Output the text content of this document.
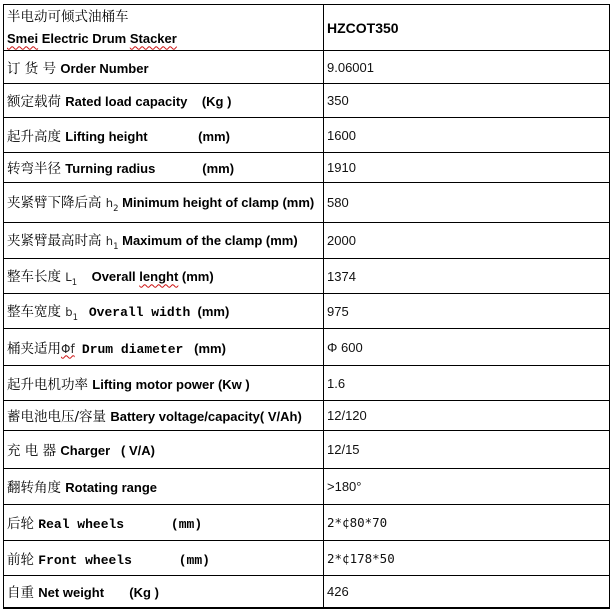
半电动可倾式油桶车
Smei Electric Drum Stacker	HZCOT350
订 货 号 Order Number	9.06001
额定载荷 Rated load capacity    (Kg )	350
起升高度 Lifting height              (mm)	1600
转弯半径 Turning radius             (mm)	1910
夹紧臂下降后高 $h_2$ Minimum height of clamp (mm)	580
夹紧臂最高时高 $h_1$ Maximum of the clamp (mm)	2000
整车长度 $L_1$    Overall lenght (mm)	1374
整车宽度 $b_1$ Overall width  (mm)	975
桶夹适用Φf Drum diameter   (mm)	Φ 600
起升电机功率 Lifting motor power (Kw )	1.6
蓄电池电压/容量 Battery voltage/capacity( V/Ah)	12/120
充 电 器 Charger   ( V/A)	12/15
翻转角度 Rotating range	>180°
后轮 Real wheels      (mm)	2*¢80*70
前轮 Front wheels      (mm)	2*¢178*50
自重 Net weight       (Kg )	426
